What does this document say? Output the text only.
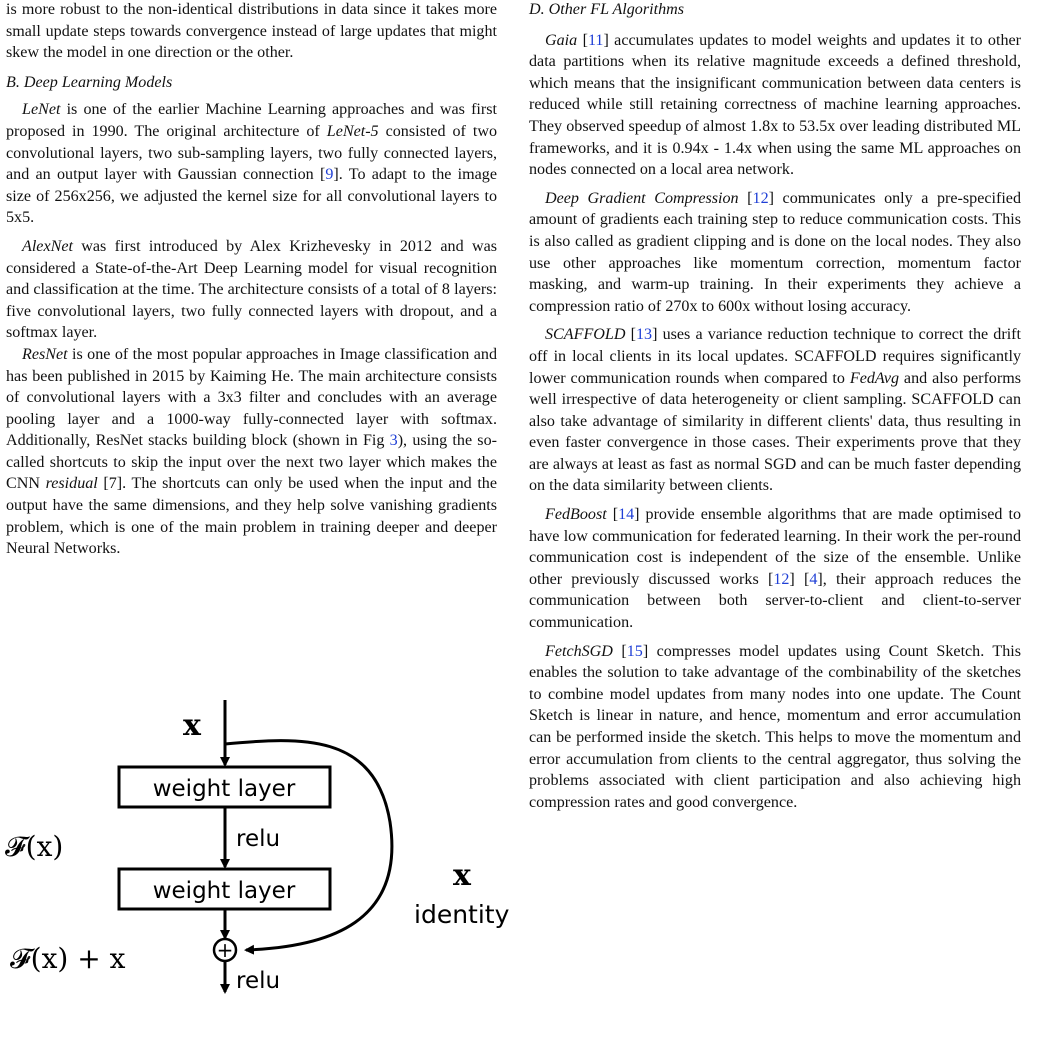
is more robust to the non-identical distributions in data since it takes more small update steps towards convergence instead of large updates that might skew the model in one direction or the other.

B. Deep Learning Models

LeNet is one of the earlier Machine Learning approaches and was first proposed in 1990. The original architecture of LeNet-5 consisted of two convolutional layers, two sub-sampling layers, two fully connected layers, and an output layer with Gaussian connection [9]. To adapt to the image size of 256x256, we adjusted the kernel size for all convolutional layers to 5x5.

AlexNet was first introduced by Alex Krizhevesky in 2012 and was considered a State-of-the-Art Deep Learning model for visual recognition and classification at the time. The architecture consists of a total of 8 layers: five convolutional layers, two fully connected layers with dropout, and a softmax layer.

ResNet is one of the most popular approaches in Image classification and has been published in 2015 by Kaiming He. The main architecture consists of convolutional layers with a 3x3 filter and concludes with an average pooling layer and a 1000-way fully-connected layer with softmax. Additionally, ResNet stacks building block (shown in Fig 3), using the so-called shortcuts to skip the input over the next two layer which makes the CNN residual [7]. The shortcuts can only be used when the input and the output have the same dimensions, and they help solve vanishing gradients problem, which is one of the main problem in training deeper and deeper Neural Networks.

x
weight layer
relu
weight layer
+
relu
𝓕(x)
𝓕(x) + x
x
identity
D. Other FL Algorithms

Gaia [11] accumulates updates to model weights and updates it to other data partitions when its relative magnitude exceeds a defined threshold, which means that the insignificant communication between data centers is reduced while still retaining correctness of machine learning approaches. They observed speedup of almost 1.8x to 53.5x over leading distributed ML frameworks, and it is 0.94x - 1.4x when using the same ML approaches on nodes connected on a local area network.

Deep Gradient Compression [12] communicates only a pre-specified amount of gradients each training step to reduce communication costs. This is also called as gradient clipping and is done on the local nodes. They also use other approaches like momentum correction, momentum factor masking, and warm-up training. In their experiments they achieve a compression ratio of 270x to 600x without losing accuracy.

SCAFFOLD [13] uses a variance reduction technique to correct the drift off in local clients in its local updates. SCAFFOLD requires significantly lower communication rounds when compared to FedAvg and also performs well irrespective of data heterogeneity or client sampling. SCAFFOLD can also take advantage of similarity in different clients' data, thus resulting in even faster convergence in those cases. Their experiments prove that they are always at least as fast as normal SGD and can be much faster depending on the data similarity between clients.

FedBoost [14] provide ensemble algorithms that are made optimised to have low communication for federated learning. In their work the per-round communication cost is independent of the size of the ensemble. Unlike other previously discussed works [12] [4], their approach reduces the communication between both server-to-client and client-to-server communication.

FetchSGD [15] compresses model updates using Count Sketch. This enables the solution to take advantage of the combinability of the sketches to combine model updates from many nodes into one update. The Count Sketch is linear in nature, and hence, momentum and error accumulation can be performed inside the sketch. This helps to move the momentum and error accumulation from clients to the central aggregator, thus solving the problems associated with client participation and also achieving high compression rates and good convergence.
